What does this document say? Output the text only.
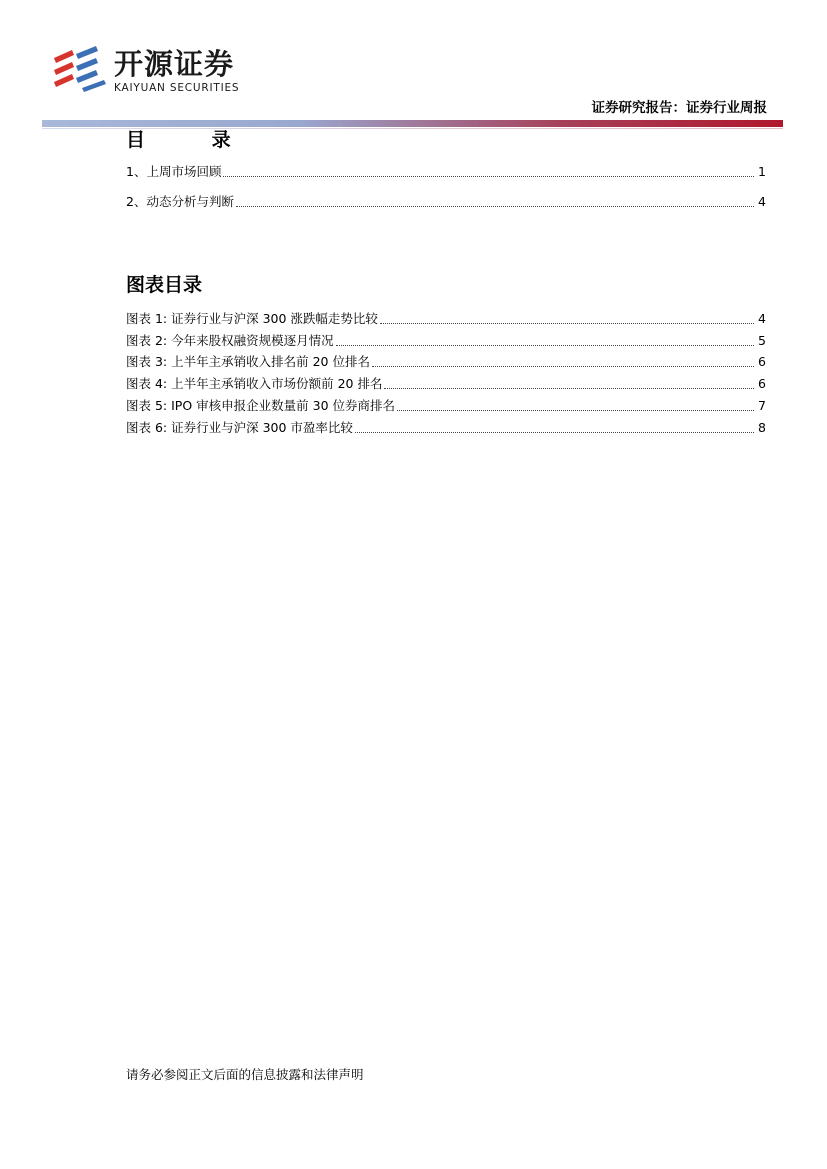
开源证券
KAIYUAN SECURITIES
证券研究报告：证券行业周报
目 录
1、上周市场回顾	1
2、动态分析与判断	4
图表目录
图表 1: 证券行业与沪深 300 涨跌幅走势比较	4
图表 2: 今年来股权融资规模逐月情况	5
图表 3: 上半年主承销收入排名前 20 位排名	6
图表 4: 上半年主承销收入市场份额前 20 排名	6
图表 5: IPO 审核申报企业数量前 30 位券商排名	7
图表 6: 证券行业与沪深 300 市盈率比较	8
请务必参阅正文后面的信息披露和法律声明
